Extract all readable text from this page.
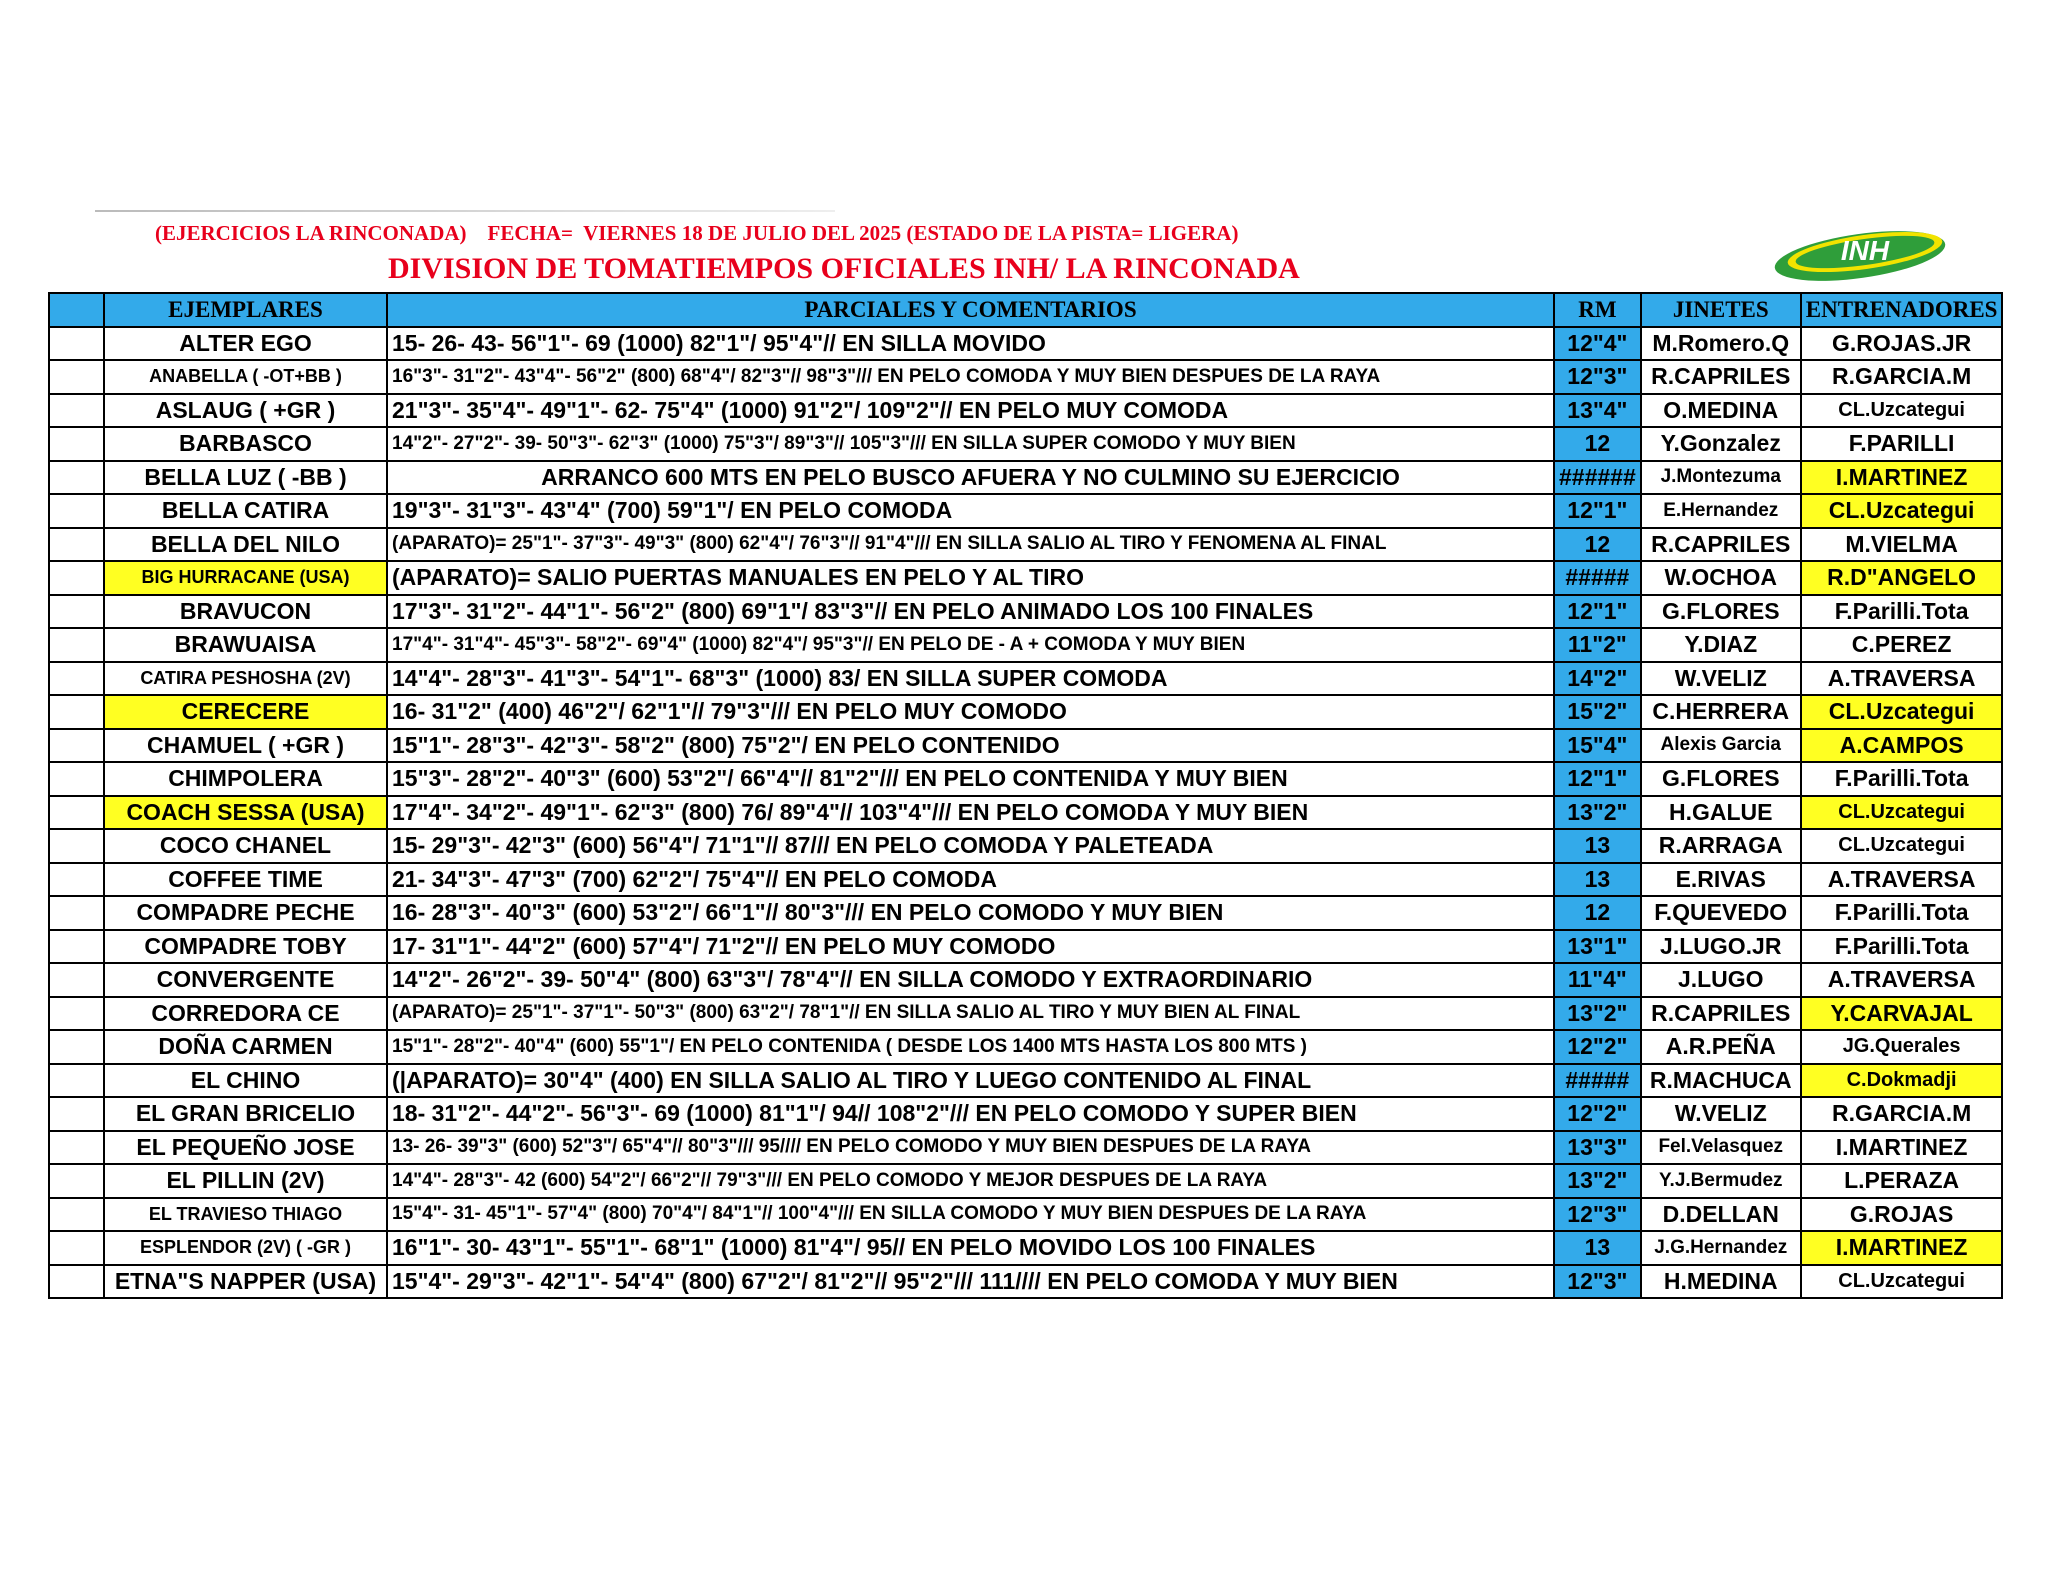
(EJERCICIOS LA RINCONADA)    FECHA=  VIERNES 18 DE JULIO DEL 2025 (ESTADO DE LA PISTA= LIGERA)
DIVISION DE TOMATIEMPOS OFICIALES INH/ LA RINCONADA
INH
	EJEMPLARES	PARCIALES Y COMENTARIOS	RM	JINETES	ENTRENADORES
	ALTER EGO	15- 26- 43- 56"1"- 69 (1000) 82"1"/ 95"4"// EN SILLA MOVIDO	12"4"	M.Romero.Q	G.ROJAS.JR
	ANABELLA ( -OT+BB )	16"3"- 31"2"- 43"4"- 56"2" (800) 68"4"/ 82"3"// 98"3"/// EN PELO COMODA Y MUY BIEN DESPUES DE LA RAYA	12"3"	R.CAPRILES	R.GARCIA.M
	ASLAUG ( +GR )	21"3"- 35"4"- 49"1"- 62- 75"4" (1000) 91"2"/ 109"2"// EN PELO MUY COMODA	13"4"	O.MEDINA	CL.Uzcategui
	BARBASCO	14"2"- 27"2"- 39- 50"3"- 62"3" (1000) 75"3"/ 89"3"// 105"3"/// EN SILLA SUPER COMODO Y MUY BIEN	12	Y.Gonzalez	F.PARILLI
	BELLA LUZ ( -BB )	ARRANCO 600 MTS EN PELO BUSCO AFUERA Y NO CULMINO SU EJERCICIO	######	J.Montezuma	I.MARTINEZ
	BELLA CATIRA	19"3"- 31"3"- 43"4" (700) 59"1"/ EN PELO COMODA	12"1"	E.Hernandez	CL.Uzcategui
	BELLA DEL NILO	(APARATO)= 25"1"- 37"3"- 49"3" (800) 62"4"/ 76"3"// 91"4"/// EN SILLA SALIO AL TIRO Y FENOMENA AL FINAL	12	R.CAPRILES	M.VIELMA
	BIG HURRACANE (USA)	(APARATO)= SALIO PUERTAS MANUALES EN PELO Y AL TIRO	#####	W.OCHOA	R.D"ANGELO
	BRAVUCON	17"3"- 31"2"- 44"1"- 56"2" (800) 69"1"/ 83"3"// EN PELO ANIMADO LOS 100 FINALES	12"1"	G.FLORES	F.Parilli.Tota
	BRAWUAISA	17"4"- 31"4"- 45"3"- 58"2"- 69"4" (1000) 82"4"/ 95"3"// EN PELO DE - A + COMODA Y MUY BIEN	11"2"	Y.DIAZ	C.PEREZ
	CATIRA PESHOSHA (2V)	14"4"- 28"3"- 41"3"- 54"1"- 68"3" (1000) 83/ EN SILLA SUPER COMODA	14"2"	W.VELIZ	A.TRAVERSA
	CERECERE	16- 31"2" (400) 46"2"/ 62"1"// 79"3"/// EN PELO MUY COMODO	15"2"	C.HERRERA	CL.Uzcategui
	CHAMUEL ( +GR )	15"1"- 28"3"- 42"3"- 58"2" (800) 75"2"/ EN PELO CONTENIDO	15"4"	Alexis Garcia	A.CAMPOS
	CHIMPOLERA	15"3"- 28"2"- 40"3" (600) 53"2"/ 66"4"// 81"2"/// EN PELO CONTENIDA Y MUY BIEN	12"1"	G.FLORES	F.Parilli.Tota
	COACH SESSA (USA)	17"4"- 34"2"- 49"1"- 62"3" (800) 76/ 89"4"// 103"4"/// EN PELO COMODA Y MUY BIEN	13"2"	H.GALUE	CL.Uzcategui
	COCO CHANEL	15- 29"3"- 42"3" (600) 56"4"/ 71"1"// 87/// EN PELO COMODA Y PALETEADA	13	R.ARRAGA	CL.Uzcategui
	COFFEE TIME	21- 34"3"- 47"3" (700) 62"2"/ 75"4"// EN PELO COMODA	13	E.RIVAS	A.TRAVERSA
	COMPADRE PECHE	16- 28"3"- 40"3" (600) 53"2"/ 66"1"// 80"3"/// EN PELO COMODO Y MUY BIEN	12	F.QUEVEDO	F.Parilli.Tota
	COMPADRE TOBY	17- 31"1"- 44"2" (600) 57"4"/ 71"2"// EN PELO MUY COMODO	13"1"	J.LUGO.JR	F.Parilli.Tota
	CONVERGENTE	14"2"- 26"2"- 39- 50"4" (800) 63"3"/ 78"4"// EN SILLA COMODO Y EXTRAORDINARIO	11"4"	J.LUGO	A.TRAVERSA
	CORREDORA CE	(APARATO)= 25"1"- 37"1"- 50"3" (800) 63"2"/ 78"1"// EN SILLA SALIO AL TIRO Y MUY BIEN AL FINAL	13"2"	R.CAPRILES	Y.CARVAJAL
	DOÑA CARMEN	15"1"- 28"2"- 40"4" (600) 55"1"/ EN PELO CONTENIDA ( DESDE LOS 1400 MTS HASTA LOS 800 MTS )	12"2"	A.R.PEÑA	JG.Querales
	EL CHINO	(|APARATO)= 30"4" (400) EN SILLA SALIO AL TIRO Y LUEGO CONTENIDO AL FINAL	#####	R.MACHUCA	C.Dokmadji
	EL GRAN BRICELIO	18- 31"2"- 44"2"- 56"3"- 69 (1000) 81"1"/ 94// 108"2"/// EN PELO COMODO Y SUPER BIEN	12"2"	W.VELIZ	R.GARCIA.M
	EL PEQUEÑO JOSE	13- 26- 39"3" (600) 52"3"/ 65"4"// 80"3"/// 95//// EN PELO COMODO Y MUY BIEN DESPUES DE LA RAYA	13"3"	Fel.Velasquez	I.MARTINEZ
	EL PILLIN (2V)	14"4"- 28"3"- 42 (600) 54"2"/ 66"2"// 79"3"/// EN PELO COMODO Y MEJOR DESPUES DE LA RAYA	13"2"	Y.J.Bermudez	L.PERAZA
	EL TRAVIESO THIAGO	15"4"- 31- 45"1"- 57"4" (800) 70"4"/ 84"1"// 100"4"/// EN SILLA COMODO Y MUY BIEN DESPUES DE LA RAYA	12"3"	D.DELLAN	G.ROJAS
	ESPLENDOR (2V) ( -GR )	16"1"- 30- 43"1"- 55"1"- 68"1" (1000) 81"4"/ 95// EN PELO MOVIDO LOS 100 FINALES	13	J.G.Hernandez	I.MARTINEZ
	ETNA"S NAPPER (USA)	15"4"- 29"3"- 42"1"- 54"4" (800) 67"2"/ 81"2"// 95"2"/// 111//// EN PELO COMODA Y MUY BIEN	12"3"	H.MEDINA	CL.Uzcategui
